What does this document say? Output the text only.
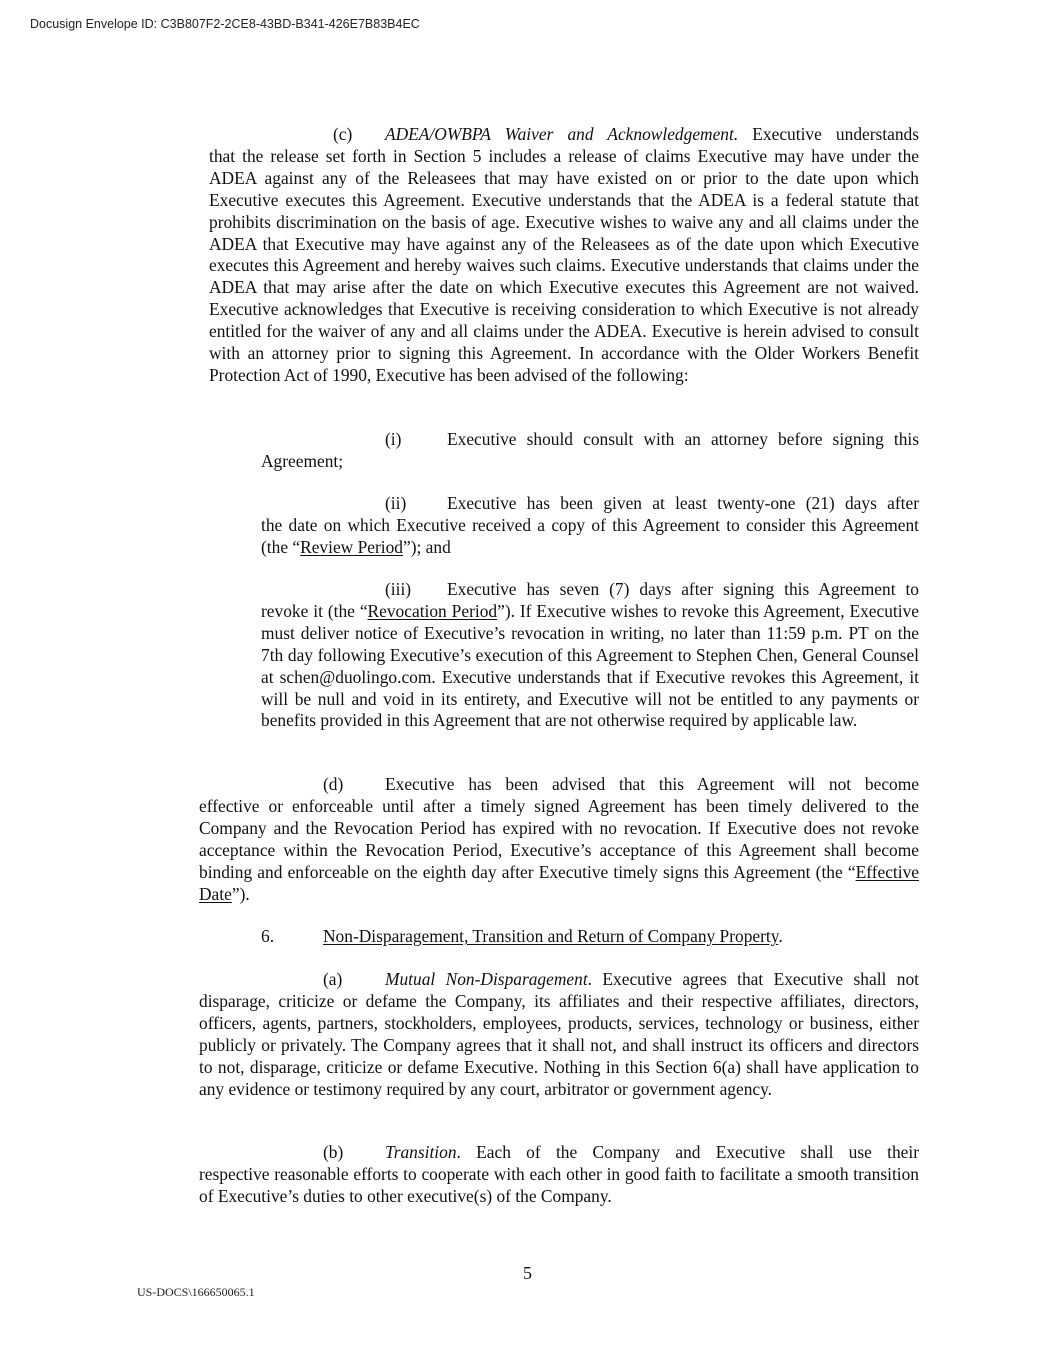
Docusign Envelope ID: C3B807F2-2CE8-43BD-B341-426E7B83B4EC
(c) ADEA/OWBPA Waiver and Acknowledgement. Executive understands
that the release set forth in Section 5 includes a release of claims Executive may have under the ADEA against any of the Releasees that may have existed on or prior to the date upon which Executive executes this Agreement. Executive understands that the ADEA is a federal statute that prohibits discrimination on the basis of age. Executive wishes to waive any and all claims under the ADEA that Executive may have against any of the Releasees as of the date upon which Executive executes this Agreement and hereby waives such claims. Executive understands that claims under the ADEA that may arise after the date on which Executive executes this Agreement are not waived. Executive acknowledges that Executive is receiving consideration to which Executive is not already entitled for the waiver of any and all claims under the ADEA. Executive is herein advised to consult with an attorney prior to signing this Agreement. In accordance with the Older Workers Benefit Protection Act of 1990, Executive has been advised of the following:
(i)	Executive should consult with an attorney before signing this
Agreement;
(ii) Executive has been given at least twenty-one (21) days after
the date on which Executive received a copy of this Agreement to consider this Agreement (the “Review Period”); and
(iii) Executive has seven (7) days after signing this Agreement to
revoke it (the “Revocation Period”). If Executive wishes to revoke this Agreement, Executive must deliver notice of Executive’s revocation in writing, no later than 11:59 p.m. PT on the 7th day following Executive’s execution of this Agreement to Stephen Chen, General Counsel at schen@duolingo.com. Executive understands that if Executive revokes this Agreement, it will be null and void in its entirety, and Executive will not be entitled to any payments or benefits provided in this Agreement that are not otherwise required by applicable law.
(d) Executive has been advised that this Agreement will not become
effective or enforceable until after a timely signed Agreement has been timely delivered to the Company and the Revocation Period has expired with no revocation. If Executive does not revoke acceptance within the Revocation Period, Executive’s acceptance of this Agreement shall become binding and enforceable on the eighth day after Executive timely signs this Agreement (the “Effective Date”).
6.	Non-Disparagement, Transition and Return of Company Property.
(a) Mutual Non-Disparagement. Executive agrees that Executive shall not
disparage, criticize or defame the Company, its affiliates and their respective affiliates, directors, officers, agents, partners, stockholders, employees, products, services, technology or business, either publicly or privately. The Company agrees that it shall not, and shall instruct its officers and directors to not, disparage, criticize or defame Executive. Nothing in this Section 6(a) shall have application to any evidence or testimony required by any court, arbitrator or government agency.
(b) Transition. Each of the Company and Executive shall use their
respective reasonable efforts to cooperate with each other in good faith to facilitate a smooth transition of Executive’s duties to other executive(s) of the Company.
5
US-DOCS\166650065.1
